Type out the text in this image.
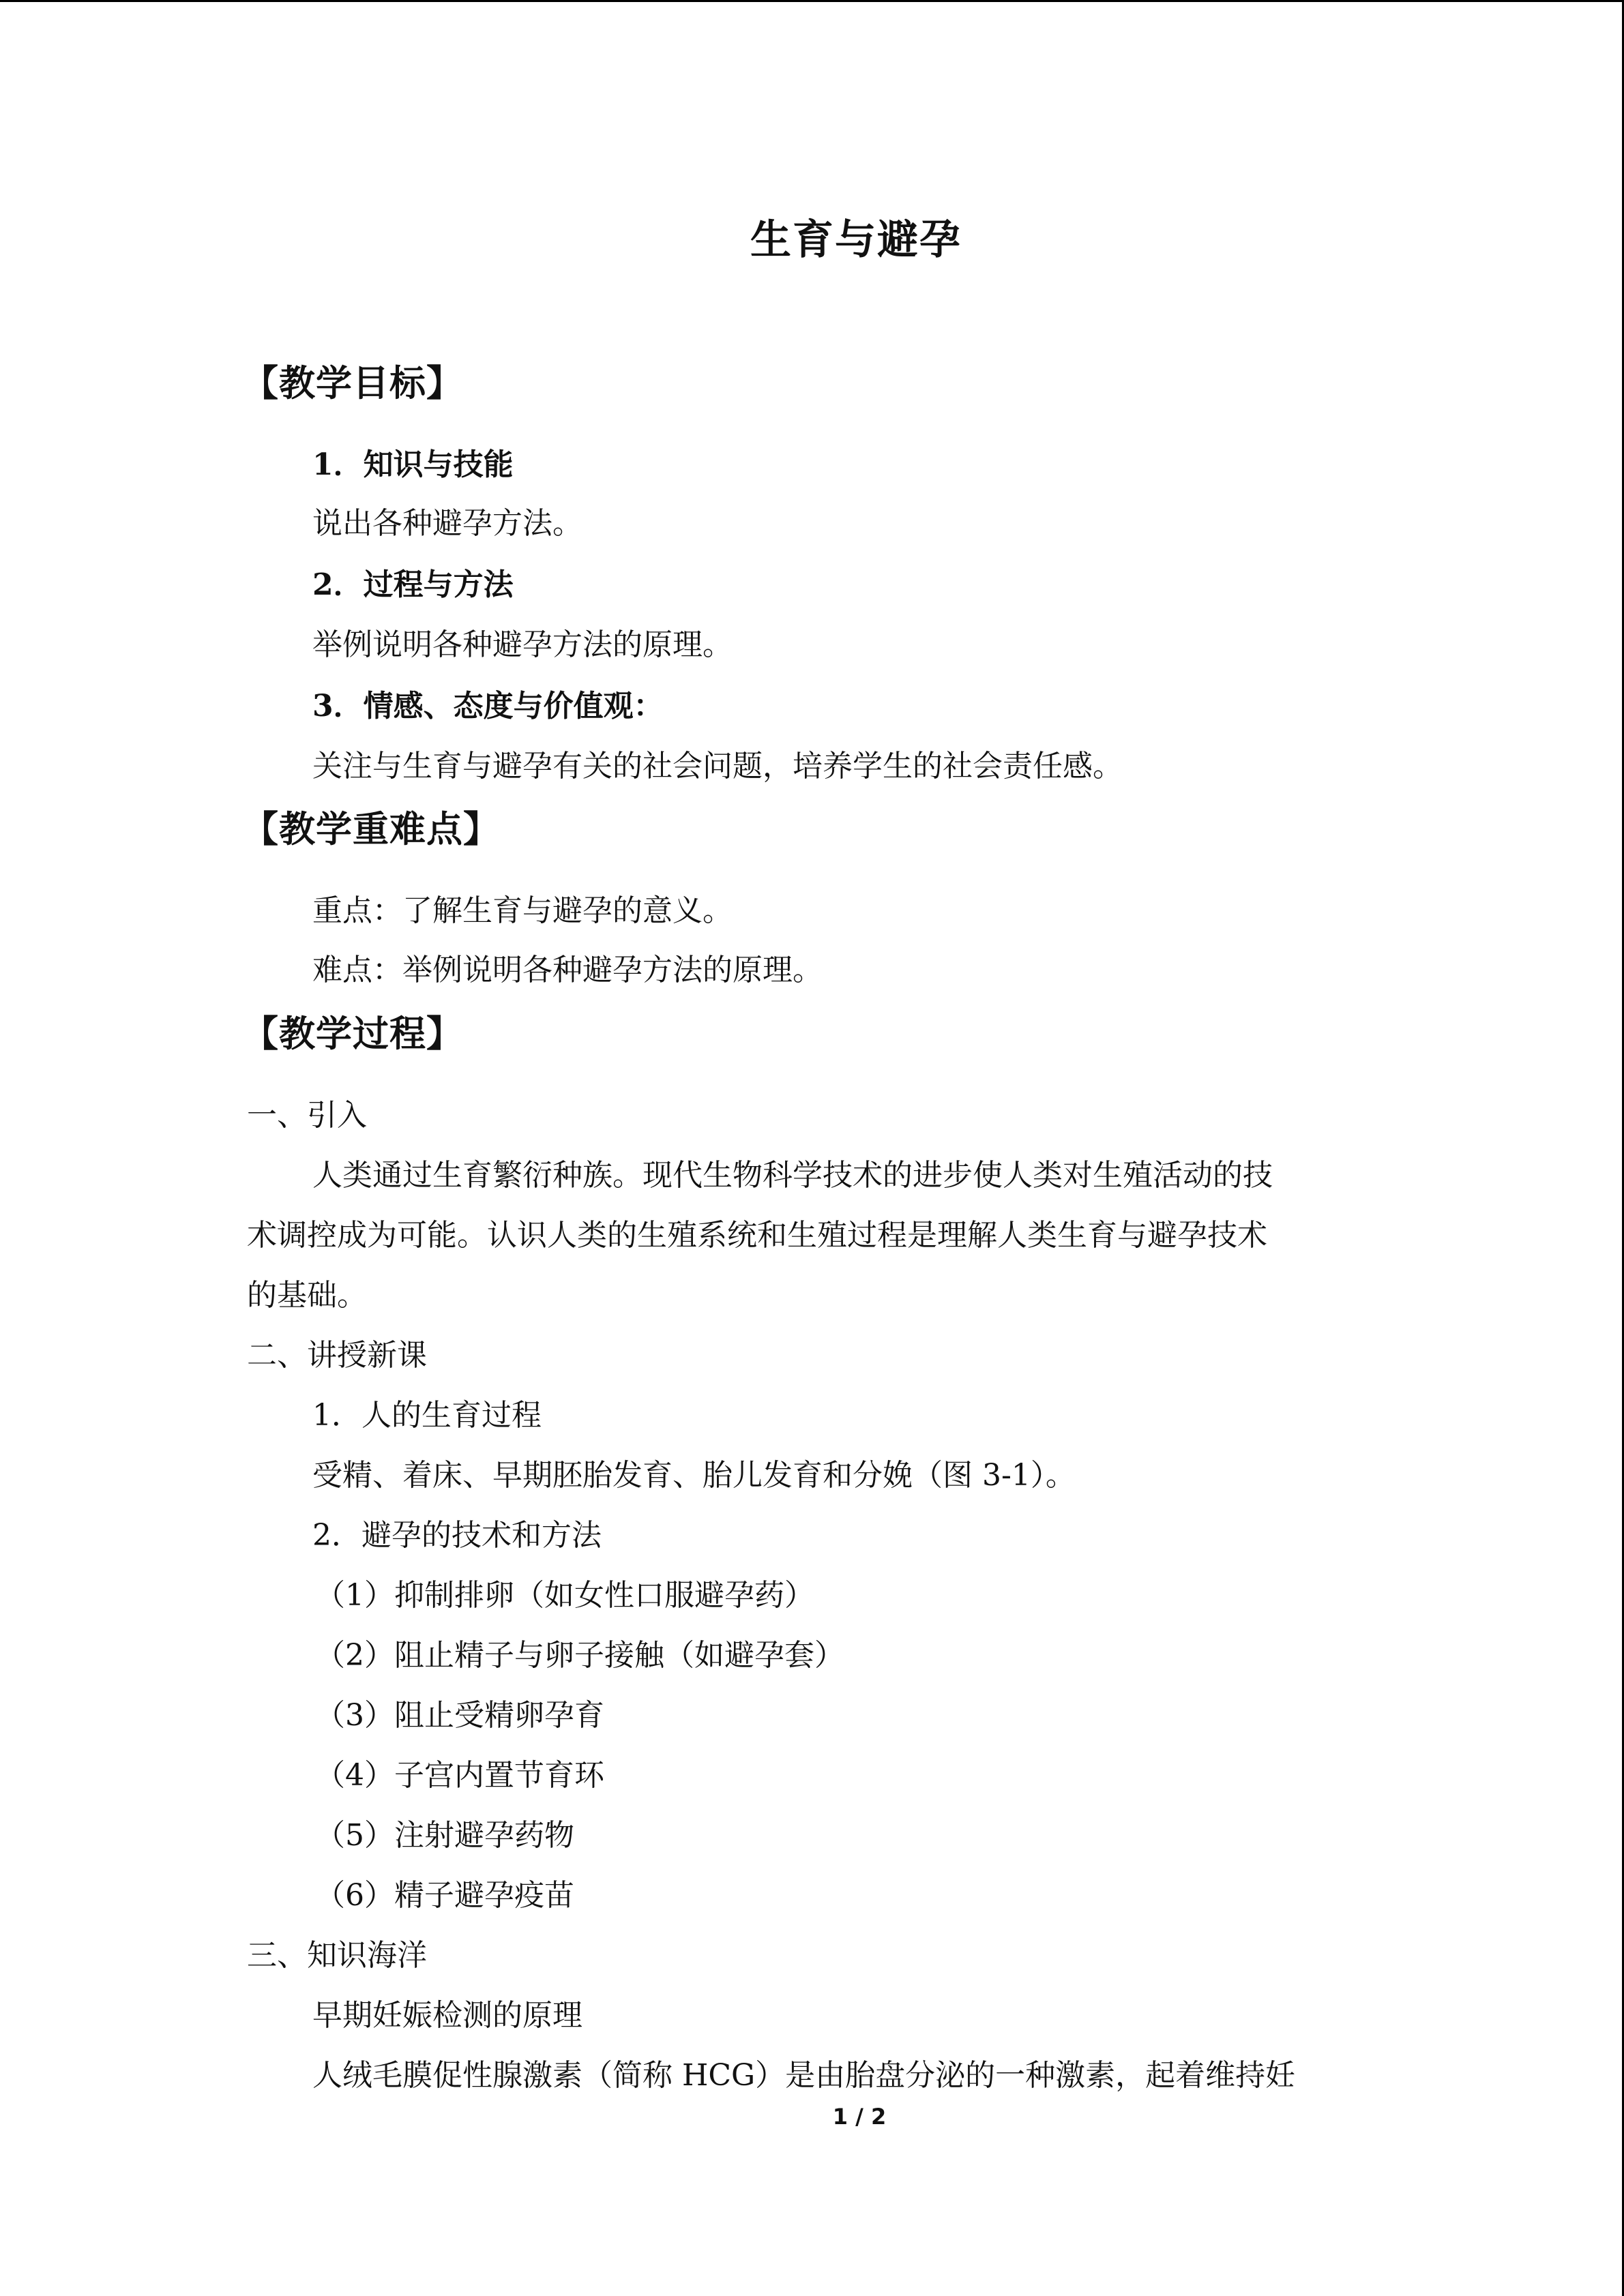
生育与避孕
【教学目标】
1．知识与技能
说出各种避孕方法。
2．过程与方法
举例说明各种避孕方法的原理。
3．情感、态度与价值观：
关注与生育与避孕有关的社会问题，培养学生的社会责任感。
【教学重难点】
重点：了解生育与避孕的意义。
难点：举例说明各种避孕方法的原理。
【教学过程】
一、引入
人类通过生育繁衍种族。现代生物科学技术的进步使人类对生殖活动的技
术调控成为可能。认识人类的生殖系统和生殖过程是理解人类生育与避孕技术
的基础。
二、讲授新课
1．人的生育过程
受精、着床、早期胚胎发育、胎儿发育和分娩（图 3-1）。
2．避孕的技术和方法
（1）抑制排卵（如女性口服避孕药）
（2）阻止精子与卵子接触（如避孕套）
（3）阻止受精卵孕育
（4）子宫内置节育环
（5）注射避孕药物
（6）精子避孕疫苗
三、知识海洋
早期妊娠检测的原理
人绒毛膜促性腺激素（简称 HCG）是由胎盘分泌的一种激素，起着维持妊
1 / 2
